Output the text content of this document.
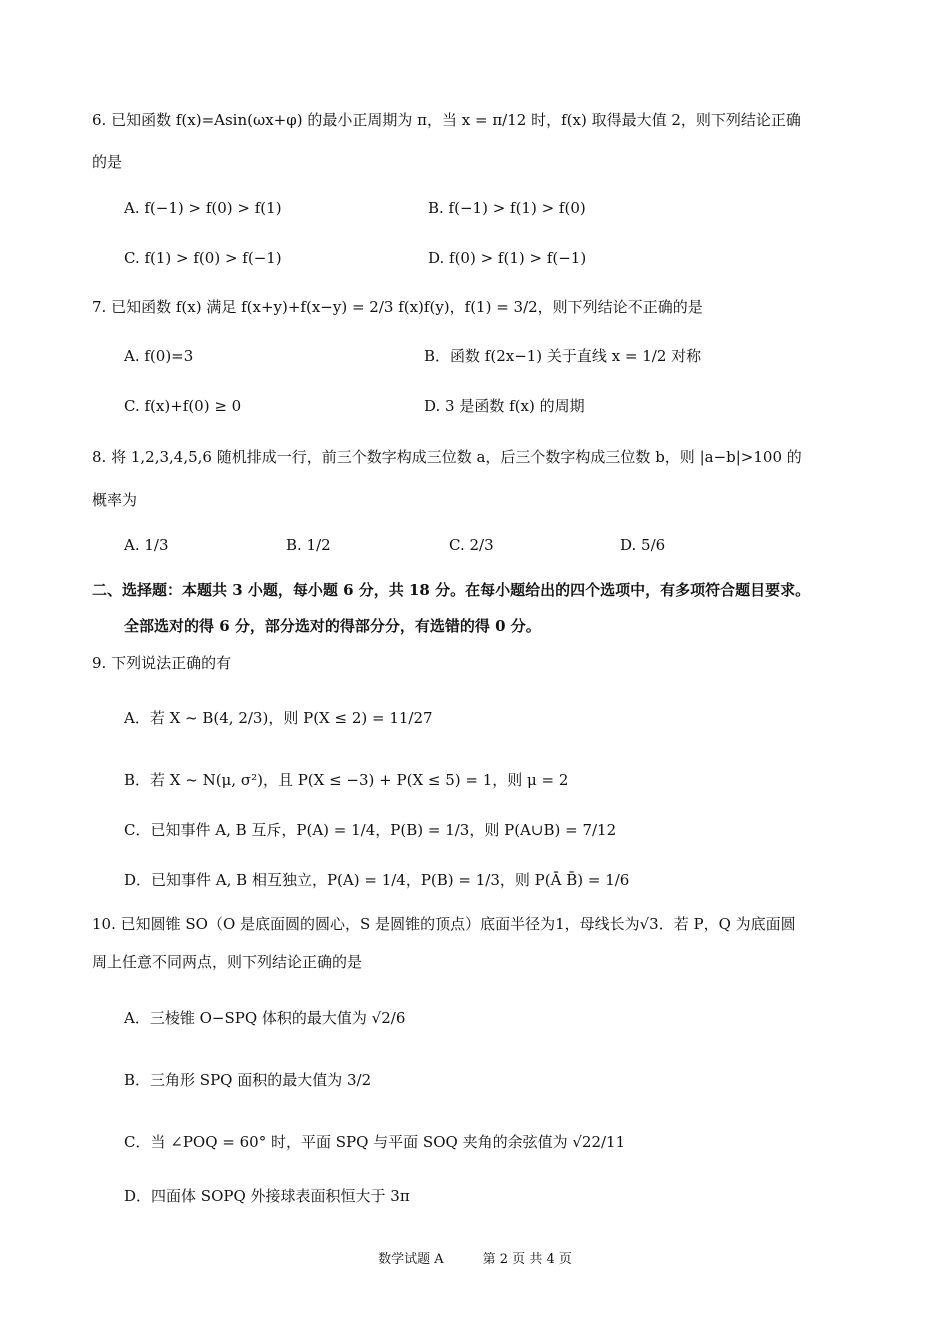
6. 已知函数 f(x)=Asin(ωx+φ) 的最小正周期为 π，当 x = π/12 时，f(x) 取得最大值 2，则下列结论正确
的是
A. f(−1) > f(0) > f(1)	B. f(−1) > f(1) > f(0)
C. f(1) > f(0) > f(−1)	D. f(0) > f(1) > f(−1)
7. 已知函数 f(x) 满足 f(x+y)+f(x−y) = 2/3 f(x)f(y)，f(1) = 3/2，则下列结论不正确的是
A. f(0)=3	B．函数 f(2x−1) 关于直线 x = 1/2 对称
C. f(x)+f(0) ≥ 0	D. 3 是函数 f(x) 的周期
8. 将 1,2,3,4,5,6 随机排成一行，前三个数字构成三位数 a，后三个数字构成三位数 b，则 |a−b|>100 的
概率为
A. 1/3	B. 1/2	C. 2/3	D. 5/6
二、选择题：本题共 3 小题，每小题 6 分，共 18 分。在每小题给出的四个选项中，有多项符合题目要求。
全部选对的得 6 分，部分选对的得部分分，有选错的得 0 分。
9. 下列说法正确的有
A．若 X ~ B(4, 2/3)，则 P(X ≤ 2) = 11/27
B．若 X ~ N(μ, σ²)，且 P(X ≤ −3) + P(X ≤ 5) = 1，则 μ = 2
C．已知事件 A, B 互斥，P(A) = 1/4，P(B) = 1/3，则 P(A∪B) = 7/12
D．已知事件 A, B 相互独立，P(A) = 1/4，P(B) = 1/3，则 P(Ā B̄) = 1/6
10. 已知圆锥 SO（O 是底面圆的圆心，S 是圆锥的顶点）底面半径为1，母线长为√3．若 P，Q 为底面圆
周上任意不同两点，则下列结论正确的是
A．三棱锥 O−SPQ 体积的最大值为 √2/6
B．三角形 SPQ 面积的最大值为 3/2
C．当 ∠POQ = 60° 时，平面 SPQ 与平面 SOQ 夹角的余弦值为 √22/11
D．四面体 SOPQ 外接球表面积恒大于 3π
数学试题 A　　　第 2 页 共 4 页
